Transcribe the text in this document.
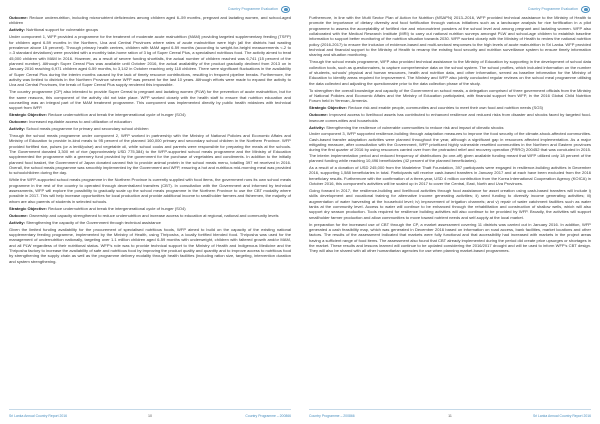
Country Programme Evaluation

Outcome: Reduce undernutrition, including micronutrient deficiencies among children aged 6–59 months, pregnant and lactating women, and school-aged children

Activity: Nutritional support for vulnerable groups

Under component 1, WFP provided a programme for the treatment of moderate acute malnutrition (MAM) providing targeted supplementary feeding (TSFP) for children aged 6-59 months in the Northern, Uva and Central Provinces where rates of acute malnutrition were high (all the districts had wasting prevalence above 15 percent). Through primary health centres, children with MAM aged 6-59 months (according to weight-for-height measurements <-2 to >-3 standard deviations) were provided with a monthly take-home ration of 3 kg of Super Cereal Plus, a specialised nutritious food. The activity aimed to treat 45,000 children with MAM in 2016. However, as a result of severe funding shortfalls, the actual number of children reached was 6,741 (15 percent of the planned number). Although Super Cereal Plus was available until October 2016, the actual availability of the product gradually declined from 2013 on in January 2016 reaching 6,971 children aged 6-59 months, to 3,142 in October reaching only 118 children. There were significant fluctuations in the availability of Super Cereal Plus during the interim months caused by the lack of timely resource contributions, resulting in frequent pipeline breaks. Furthermore, the activity was limited to districts in the Northern Province where WFP was present for the last 10 years. Although efforts were made to expand the activity to Uva and Central Provinces, the break of Super Cereal Plus supply rendered this impossible.

The country programme (CP) also intended to provide Super Cereal to pregnant and lactating women (PLW) for the prevention of acute malnutrition, but for the same reasons, this component of the activity did not take place. WFP worked closely with the health staff to ensure that nutrition education and counselling was an integral part of the MAM treatment programme. This component was implemented directly by public health midwives with technical support from WFP.

Strategic Objective: Reduce undernutrition and break the intergenerational cycle of hunger (SO4)

Outcome: Increased equitable access to and utilization of education

Activity: School meals programme for primary and secondary school children

Through the school meals programme under component 2, WFP worked in partnership with the Ministry of National Policies and Economic Affairs and Ministry of Education to provide in-kind meals to 95 percent of the planned 160,000 primary and secondary school children in the Northern Province. WFP provided fortified rice, pulses (or a lentil/pulse) and vegetable oil, while school cooks and parents were responsible for preparing the meals at the schools. The Government donated 3,300 mt of rice (approximately USD 775,384) to the WFP-supported school meals programme and the Ministry of Education supplemented the programme with a greenery fund provided by the government for the purchase of vegetables and condiments. In addition to the initially planned food basket, the Government of Japan donated canned fish to provide animal protein in the school meals menu, totalling 397 mt received in 2016. Overall, the school meals programme was smoothly implemented by the Government and WFP, ensuring a hot and nutritious mid-morning meal was provided to schoolchildren during the day.

While the WFP-supported school meals programme in the Northern Province is currently supplied with food items, the government runs its own school meals programme in the rest of the country to operated through decentralized transfers (CBT). In consultation with the Government and informed by technical assessments, WFP will explore the possibility to gradually scale up the school meals programme in the Northern Province to use the CBT modality where possible in 2017. This will help increase opportunities for local production and provide additional income to smallholder farmers and fishermen, the majority of whom are also parents of students in selected schools.

Strategic Objective: Reduce undernutrition and break the intergenerational cycle of hunger (SO4)

Outcome: Ownership and capacity strengthened to reduce undernutrition and increase access to education at regional, national and community levels

Activity: Strengthening the capacity of the Government through technical assistance

Given the limited funding availability for the procurement of specialised nutritious foods, WFP aimed to build on the capacity of the existing national supplementary feeding programme, implemented by the Ministry of Health, using Thriposha, a locally fortified blended food. Thriposha was used for the management of undernutrition nationally, targeting over 1.1 million children aged 6-59 months with underweight, children with faltered growth and/or MAM, and all PLW regardless of their nutritional status. WFP's role was to provide technical support to the Ministry of Health and Indigenous Medicine and the Thriposha factory to increase the availability of safe and nutritious food by improving the product quality and quantity and to improve access to nutritious food by strengthening the supply chain as well as the programme delivery modality through health facilities (including ration size, targeting, intervention duration and system strengthening.

Sri Lanka Annual Country Report 2016	10	Country Programme – 200866
Country Programme Evaluation

Furthermore, in line with the Multi Sector Plan of Action for Nutrition (MSAPN) 2013–2016, WFP provided technical assistance to the Ministry of Health to promote the importance of dietary diversity and food fortification through various initiatives such as a landscape analysis for rice fortification in a pilot programme to assess the acceptability of fortified rice and micronutrient powders at the school level and among pregnant and lactating women. WFP also collaborated with the Medical Research Institute (MRI) to carry out national nutrition surveys amongst PLW and school-age children to establish baseline information to support better monitoring of the nutrition situation towards 2030. WFP worked closely with the Ministry of Health to review the national nutrition policy (2016-2017) to ensure the inclusion of evidence-based and multi-sectoral responses to the high levels of acute malnutrition in Sri Lanka. WFP provided technical and financial support to the Ministry of Health to revamp the existing food security and nutrition surveillance system to ensure timely information sharing and situation monitoring.

Through the school meals programme, WFP also provided technical assistance to the Ministry of Education by supporting in the development of school data collection tools, such as questionnaires, to capture comprehensive data on the school system. The school profiles, which included information on the number of students, schools' physical and human resources, health and nutrition data, and other information, served as baseline information for the Ministry of Education to identify areas required for improvement. The Ministry and WFP also jointly conducted regular reviews on the school meal programme utilising the data collected and adjusting the questionnaire prior to the data collection phase of the study.

To strengthen the overall knowledge and capacity of the Government on school meals, a delegation comprised of three government officials from the Ministry of National Policies and Economic Affairs and the Ministry of Education participated, with financial support from WFP, in the 2016 Global Child Nutrition Forum held in Yerevan, Armenia.

Strategic Objective: Reduce risk and enable people, communities and countries to meet their own food and nutrition needs (SO3)

Outcome: Improved access to livelihood assets has contributed to enhanced resilience and reduced risks from disaster and shocks faced by targeted food-insecure communities and households

Activity: Strengthening the resilience of vulnerable communities to reduce risk and impact of climatic shocks

Under component 3, WFP supported resilience-building through adaptation measures to improve the food security of the climate-shock-affected communities. Cash-based transfer adaptation activities were planned throughout the year, although a significant gap in resources affected implementation. As a major mitigating measure, after consultation with the Government, WFP prioritized highly vulnerable resettled communities in the Northern and Eastern provinces during the first quarter of 2016 by using resources carried over from the protracted relief and recovery operation (PRRO) 200452 that was concluded in 2015. The interim implementation period and reduced frequency of distributions (to one-off) given available funding meant that WFP utilized only 18 percent of the planned funding while reaching 10,496 beneficiaries (42 percent of the planned beneficiaries).

As a result of a donation of USD 245,000 from the Madeleine Thatt Foundation, 397 participants were engaged in resilience-building activities in December 2016, supporting 1,588 beneficiaries in total. Participants will receive cash-based transfers in January 2017 and at each have been excluded from the 2016 beneficiary results. Furthermore with the confirmation of a three-year, USD 4 million contribution from the Korea International Cooperation Agency (KOICA) in October 2016, this component's activities will be scaled up in 2017 to cover the Central, East, North and Uva Provinces.

Going forward in 2017, the resilience-building and livelihood activities through food assistance for asset creation using cash-based transfers will include i) skills development and vocational training for alternative income generating activities; ii) seed funding to diversify income generating activities; iii) augmentation of water harvesting at the household level; iv) improvement of irrigation channels; and v) repair of water catchment facilities such as water tanks at the community level. Access to water will continue to be enhanced through the rehabilitation and construction of shallow wells, which will also support dry season production. Tools required for resilience building activities will also continue to be provided by WFP. Broadly, the activities will support smallholder farmer production and allow communities to move toward nutrient needs and self-supply at the local market.

In preparation for the increased use of CBT through the CP, a market assessment covering 11 districts was carried out in January 2016. In addition, WFP generated a cash feasibility map, which was generated in December 2016 based on information on road access, bank facilities, market locations and other factors. The results of the assessment indicated that markets were fully functional and that accessibility had increased with markets in the project areas having a sufficient range of food items. The assessment also found that CBT already implemented during the period did create price upsurges or shortages in the market. These results and lessons learned will continue to be updated considering the 2016/2017 drought and will be used to inform WFP's CBT design. They will also be shared with all other humanitarian agencies for use when planning market-based programmes.

Country Programme – 200866	11	Sri Lanka Annual Country Report 2016
